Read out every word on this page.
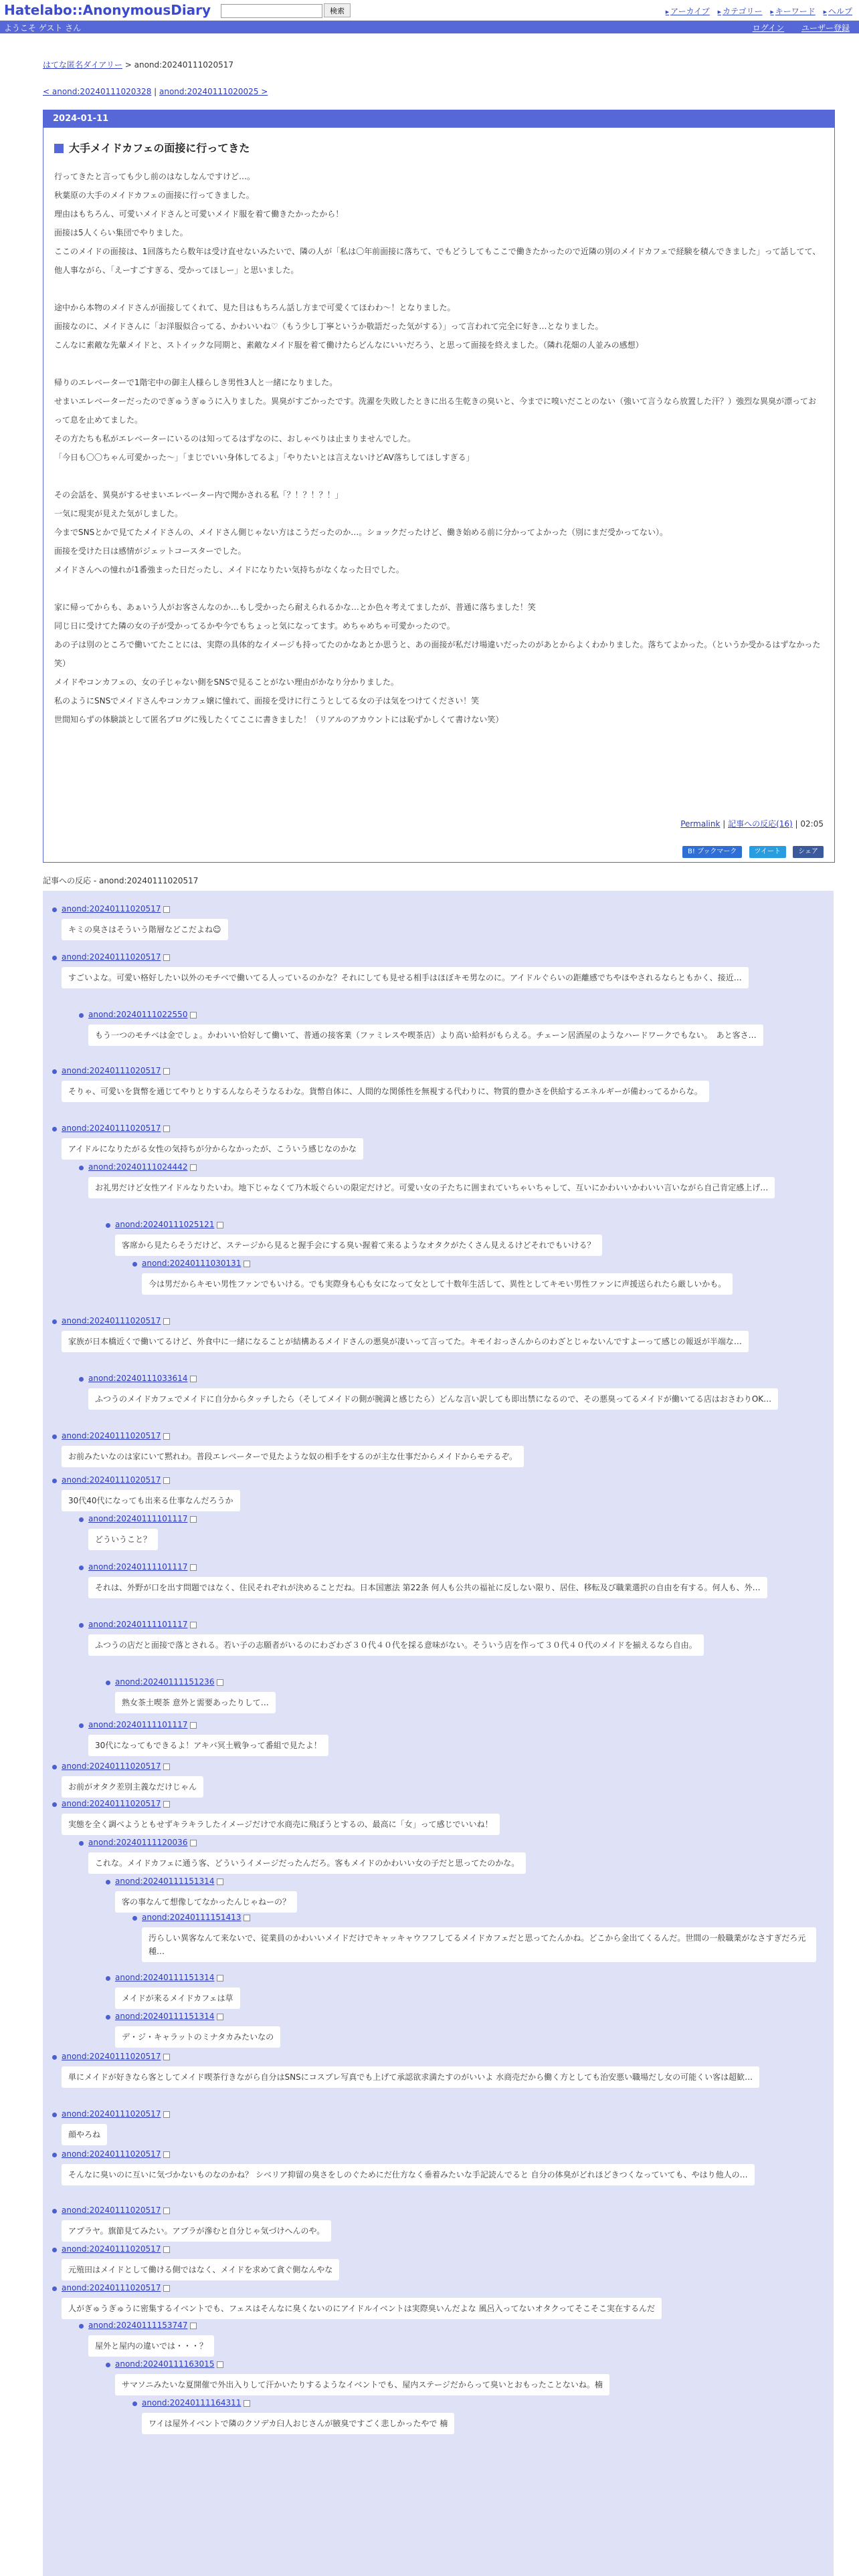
Hatelabo::AnonymousDiary	検索	▶ アーカイブ ▶ カテゴリー ▶ キーワード ▶ ヘルプ
ようこそ ゲスト さん	ログイン ユーザー登録
はてな匿名ダイアリー > anond:20240111020517
< anond:20240111020328 | anond:20240111020025 >
2024-01-11
大手メイドカフェの面接に行ってきた

行ってきたと言っても少し前のはなしなんですけど…。

秋葉原の大手のメイドカフェの面接に行ってきました。

理由はもちろん、可愛いメイドさんと可愛いメイド服を着て働きたかったから！

面接は5人くらい集団でやりました。

ここのメイドの面接は、1回落ちたら数年は受け直せないみたいで、隣の人が「私は〇年前面接に落ちて、でもどうしてもここで働きたかったので近隣の別のメイドカフェで経験を積んできました」って話してて、他人事ながら、「えーすごすぎる、受かってほしー」と思いました。

途中から本物のメイドさんが面接してくれて、見た目はもちろん話し方まで可愛くてほわわ〜！となりました。

面接なのに、メイドさんに「お洋服似合ってる、かわいいね♡（もう少し丁寧というか敬語だった気がする）」って言われて完全に好き…となりました。

こんなに素敵な先輩メイドと、ストイックな同期と、素敵なメイド服を着て働けたらどんなにいいだろう、と思って面接を終えました。（隣れ花畑の人並みの感想）

帰りのエレベーターで1階宅中の御主人様らしき男性3人と一緒になりました。

せまいエレベーターだったのでぎゅうぎゅうに入りました。異臭がすごかったです。洗濯を失敗したときに出る生乾きの臭いと、今までに嗅いだことのない（強いて言うなら放置した汗？）強烈な異臭が漂っておって息を止めてました。

その方たちも私がエレベーターにいるのは知ってるはずなのに、おしゃべりは止まりませんでした。

「今日も〇〇ちゃん可愛かった〜」「まじでいい身体してるよ」「やりたいとは言えないけどAV落ちしてほしすぎる」

その会話を、異臭がするせまいエレベーター内で聞かされる私「？！？！？！」

一気に現実が見えた気がしました。

今までSNSとかで見てたメイドさんの、メイドさん側じゃない方はこうだったのか…。ショックだったけど、働き始める前に分かってよかった（別にまだ受かってない）。

面接を受けた日は感情がジェットコースターでした。

メイドさんへの憧れが1番強まった日だったし、メイドになりたい気持ちがなくなった日でした。

家に帰ってからも、あぁいう人がお客さんなのか…もし受かったら耐えられるかな…とか色々考えてましたが、普通に落ちました！笑

同じ日に受けてた隣の女の子が受かってるかや今でもちょっと気になってます。めちゃめちゃ可愛かったので。

あの子は別のところで働いてたことには、実際の具体的なイメージも持ってたのかなあとか思うと、あの面接が私だけ場違いだったのがあとからよくわかりました。落ちてよかった。（というか受かるはずなかった笑）

メイドやコンカフェの、女の子じゃない側をSNSで見ることがない理由がかなり分かりました。

私のようにSNSでメイドさんやコンカフェ嬢に憧れて、面接を受けに行こうとしてる女の子は気をつけてください！笑

世間知らずの体験談として匿名ブログに残したくてここに書きました！（リアルのアカウントには恥ずかしくて書けない笑）

Permalink | 記事への反応(16) | 02:05
B! ブックマーク	ツイート	シェア
記事への反応 - anond:20240111020517
anond:20240111020517
キミの臭さはそういう階層などこだよね☺
anond:20240111020517
すごいよな。可愛い格好したい以外のモチベで働いてる人っているのかな？それにしても見せる相手はほぼキモ男なのに。アイドルぐらいの距離感でちやほやされるならともかく、接近…
anond:20240111022550
もう一つのモチベは金でしょ。かわいい恰好して働いて、普通の接客業（ファミレスや喫茶店）より高い給料がもらえる。チェーン居酒屋のようなハードワークでもない。　あと客さ…
anond:20240111020517
そりゃ、可愛いを貨幣を通じてやりとりするんならそうなるわな。貨幣自体に、人間的な関係性を無視する代わりに、物質的豊かさを供給するエネルギーが備わってるからな。
anond:20240111020517
アイドルになりたがる女性の気持ちが分からなかったが、こういう感じなのかな
anond:20240111024442
お礼男だけど女性アイドルなりたいわ。地下じゃなくて乃木坂ぐらいの限定だけど。可愛い女の子たちに囲まれていちゃいちゃして、互いにかわいいかわいい言いながら自己肯定感上げ…
anond:20240111025121
客席から見たらそうだけど、ステージから見ると握手会にする臭い握着て来るようなオタクがたくさん見えるけどそれでもいける？
anond:20240111030131
今は男だからキモい男性ファンでもいける。でも実際身も心も女になって女として十数年生活して、異性としてキモい男性ファンに声援送られたら厳しいかも。
anond:20240111020517
家族が日本橋近くで働いてるけど、外食中に一緒になることが結構あるメイドさんの悪臭が凄いって言ってた。キモイおっさんからのわざとじゃないんですよーって感じの報返が半端な…
anond:20240111033614
ふつうのメイドカフェでメイドに自分からタッチしたら（そしてメイドの側が腕満と感じたら）どんな言い訳しても即出禁になるので、その悪臭ってるメイドが働いてる店はおさわりOK…
anond:20240111020517
お前みたいなのは家にいて黙れわ。普段エレベーターで見たような奴の相手をするのが主な仕事だからメイドからモテるぞ。
anond:20240111020517
30代40代になっても出来る仕事なんだろうか
anond:20240111101117
どういうこと？
anond:20240111101117
それは、外野が口を出す問題ではなく、住民それぞれが決めることだね。日本国憲法 第22条 何人も公共の福祉に反しない限り、居住、移転及び職業選択の自由を有する。何人も、外…
anond:20240111101117
ふつうの店だと面接で落とされる。若い子の志願者がいるのにわざわざ３０代４０代を採る意味がない。そういう店を作って３０代４０代のメイドを揃えるなら自由。
anond:20240111151236
熟女茶土喫茶 意外と需要あったりして…
anond:20240111101117
30代になってもできるよ！アキバ冥土戦争って番組で見たよ！
anond:20240111020517
お前がオタク差別主義なだけじゃん
anond:20240111020517
実態を全く調べようともせずキラキラしたイメージだけで水商売に飛ぼうとするの、最高に「女」って感じでいいね！
anond:20240111120036
これな。メイドカフェに通う客、どういうイメージだったんだろ。客もメイドのかわいい女の子だと思ってたのかな。
anond:20240111151314
客の事なんて想像してなかったんじゃねーの？
anond:20240111151413
汚らしい異客なんて来ないで、従業員のかわいいメイドだけでキャッキャウフフしてるメイドカフェだと思ってたんかね。どこから金出てくるんだ。世間の一般職業がなさすぎだろ元種…
anond:20240111151314
メイドが来るメイドカフェは草
anond:20240111151314
デ・ジ・キャラットのミナタカみたいなの
anond:20240111020517
単にメイドが好きなら客としてメイド喫茶行きながら自分はSNSにコスプレ写真でも上げて承認欲求満たすのがいいよ 水商売だから働く方としても治安悪い職場だし女の可能くい客は超歓…
anond:20240111020517
顔やろね
anond:20240111020517
そんなに臭いのに互いに気づかないものなのかね？ シベリア抑留の臭さをしのぐためにだ仕方なく垂着みたいな手記読んでると 自分の体臭がどれほどきつくなっていても、やはり他人の…
anond:20240111020517
アプラヤ。旗節見てみたい。アブラが滲むと自分じゃ気づけへんのや。
anond:20240111020517
元殖田はメイドとして働ける側ではなく、メイドを求めて貪ぐ側なんやな
anond:20240111020517
人がぎゅうぎゅうに密集するイベントでも、フェスはそんなに臭くないのにアイドルイベントは実際臭いんだよな 風呂入ってないオタクってそこそこ実在するんだ
anond:20240111153747
屋外と屋内の違いでは・・・？
anond:20240111163015
サマソニみたいな夏開催で外出入りして汗かいたりするようなイベントでも、屋内ステージだからって臭いとおもったことないね。楠
anond:20240111164311
ワイは屋外イベントで隣のクソデカ臼人おじさんが腋臭ですごく悲しかったやで 楠
